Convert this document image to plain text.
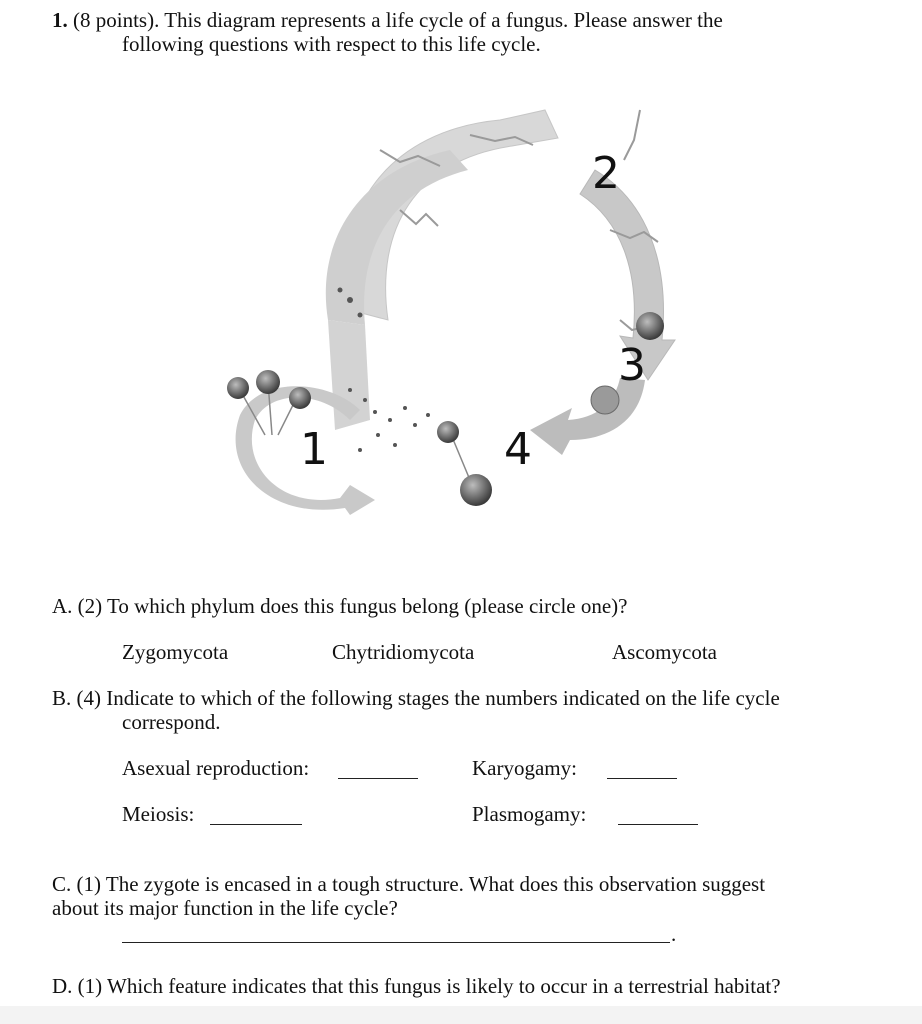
1. (8 points). This diagram represents a life cycle of a fungus. Please answer the
following questions with respect to this life cycle.
1
2
3
4
A. (2) To which phylum does this fungus belong (please circle one)?
Zygomycota	Chytridiomycota	Ascomycota
B. (4) Indicate to which of the following stages the numbers indicated on the life cycle
correspond.
Asexual reproduction:	Karyogamy:
Meiosis:	Plasmogamy:
C. (1) The zygote is encased in a tough structure. What does this observation suggest
about its major function in the life cycle?
.
D. (1) Which feature indicates that this fungus is likely to occur in a terrestrial habitat?
